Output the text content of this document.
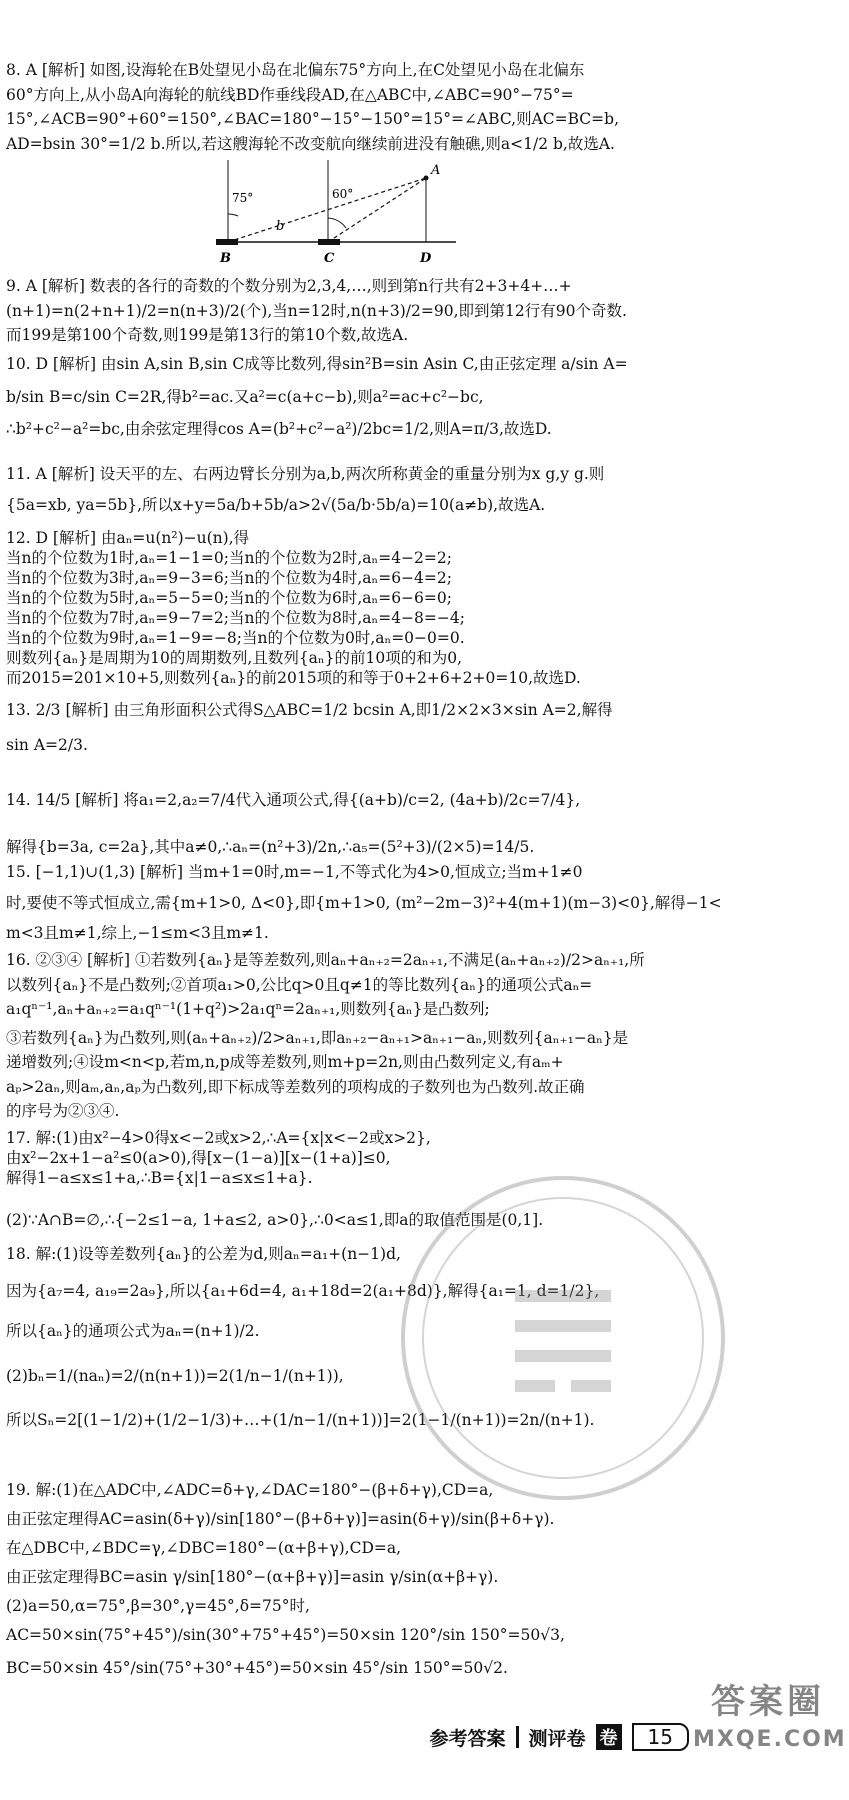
8. A [解析] 如图,设海轮在B处望见小岛在北偏东75°方向上,在C处望见小岛在北偏东
60°方向上,从小岛A向海轮的航线BD作垂线段AD,在△ABC中,∠ABC=90°−75°=
15°,∠ACB=90°+60°=150°,∠BAC=180°−15°−150°=15°=∠ABC,则AC=BC=b,
AD=bsin 30°=1/2 b.所以,若这艘海轮不改变航向继续前进没有触礁,则a<1/2 b,故选A.
75°	60°
A
B	C	D
b
9. A [解析] 数表的各行的奇数的个数分别为2,3,4,…,则到第n行共有2+3+4+…+
(n+1)=n(2+n+1)/2=n(n+3)/2(个),当n=12时,n(n+3)/2=90,即到第12行有90个奇数.
而199是第100个奇数,则199是第13行的第10个数,故选A.
10. D [解析] 由sin A,sin B,sin C成等比数列,得sin²B=sin Asin C,由正弦定理 a/sin A=
b/sin B=c/sin C=2R,得b²=ac.又a²=c(a+c−b),则a²=ac+c²−bc,
∴b²+c²−a²=bc,由余弦定理得cos A=(b²+c²−a²)/2bc=1/2,则A=π/3,故选D.
11. A [解析] 设天平的左、右两边臂长分别为a,b,两次所称黄金的重量分别为x g,y g.则
{5a=xb, ya=5b},所以x+y=5a/b+5b/a>2√(5a/b·5b/a)=10(a≠b),故选A.
12. D [解析] 由aₙ=u(n²)−u(n),得
当n的个位数为1时,aₙ=1−1=0;当n的个位数为2时,aₙ=4−2=2;
当n的个位数为3时,aₙ=9−3=6;当n的个位数为4时,aₙ=6−4=2;
当n的个位数为5时,aₙ=5−5=0;当n的个位数为6时,aₙ=6−6=0;
当n的个位数为7时,aₙ=9−7=2;当n的个位数为8时,aₙ=4−8=−4;
当n的个位数为9时,aₙ=1−9=−8;当n的个位数为0时,aₙ=0−0=0.
则数列{aₙ}是周期为10的周期数列,且数列{aₙ}的前10项的和为0,
而2015=201×10+5,则数列{aₙ}的前2015项的和等于0+2+6+2+0=10,故选D.
13. 2/3 [解析] 由三角形面积公式得S△ABC=1/2 bcsin A,即1/2×2×3×sin A=2,解得
sin A=2/3.
14. 14/5 [解析] 将a₁=2,a₂=7/4代入通项公式,得{(a+b)/c=2, (4a+b)/2c=7/4},
解得{b=3a, c=2a},其中a≠0,∴aₙ=(n²+3)/2n,∴a₅=(5²+3)/(2×5)=14/5.
15. [−1,1)∪(1,3) [解析] 当m+1=0时,m=−1,不等式化为4>0,恒成立;当m+1≠0
时,要使不等式恒成立,需{m+1>0, Δ<0},即{m+1>0, (m²−2m−3)²+4(m+1)(m−3)<0},解得−1<
m<3且m≠1,综上,−1≤m<3且m≠1.
16. ②③④ [解析] ①若数列{aₙ}是等差数列,则aₙ+aₙ₊₂=2aₙ₊₁,不满足(aₙ+aₙ₊₂)/2>aₙ₊₁,所
以数列{aₙ}不是凸数列;②首项a₁>0,公比q>0且q≠1的等比数列{aₙ}的通项公式aₙ=
a₁qⁿ⁻¹,aₙ+aₙ₊₂=a₁qⁿ⁻¹(1+q²)>2a₁qⁿ=2aₙ₊₁,则数列{aₙ}是凸数列;
③若数列{aₙ}为凸数列,则(aₙ+aₙ₊₂)/2>aₙ₊₁,即aₙ₊₂−aₙ₊₁>aₙ₊₁−aₙ,则数列{aₙ₊₁−aₙ}是
递增数列;④设m<n<p,若m,n,p成等差数列,则m+p=2n,则由凸数列定义,有aₘ+
aₚ>2aₙ,则aₘ,aₙ,aₚ为凸数列,即下标成等差数列的项构成的子数列也为凸数列.故正确
的序号为②③④.
17. 解:(1)由x²−4>0得x<−2或x>2,∴A={x|x<−2或x>2},
由x²−2x+1−a²≤0(a>0),得[x−(1−a)][x−(1+a)]≤0,
解得1−a≤x≤1+a,∴B={x|1−a≤x≤1+a}.
(2)∵A∩B=∅,∴{−2≤1−a, 1+a≤2, a>0},∴0<a≤1,即a的取值范围是(0,1].
18. 解:(1)设等差数列{aₙ}的公差为d,则aₙ=a₁+(n−1)d,
因为{a₇=4, a₁₉=2a₉},所以{a₁+6d=4, a₁+18d=2(a₁+8d)},解得{a₁=1, d=1/2},
所以{aₙ}的通项公式为aₙ=(n+1)/2.
(2)bₙ=1/(naₙ)=2/(n(n+1))=2(1/n−1/(n+1)),
所以Sₙ=2[(1−1/2)+(1/2−1/3)+…+(1/n−1/(n+1))]=2(1−1/(n+1))=2n/(n+1).
19. 解:(1)在△ADC中,∠ADC=δ+γ,∠DAC=180°−(β+δ+γ),CD=a,
由正弦定理得AC=asin(δ+γ)/sin[180°−(β+δ+γ)]=asin(δ+γ)/sin(β+δ+γ).
在△DBC中,∠BDC=γ,∠DBC=180°−(α+β+γ),CD=a,
由正弦定理得BC=asin γ/sin[180°−(α+β+γ)]=asin γ/sin(α+β+γ).
(2)a=50,α=75°,β=30°,γ=45°,δ=75°时,
AC=50×sin(75°+45°)/sin(30°+75°+45°)=50×sin 120°/sin 150°=50√3,
BC=50×sin 45°/sin(75°+30°+45°)=50×sin 45°/sin 150°=50√2.
参考答案 测评卷 卷	15
答案圈
MXQE.COM
